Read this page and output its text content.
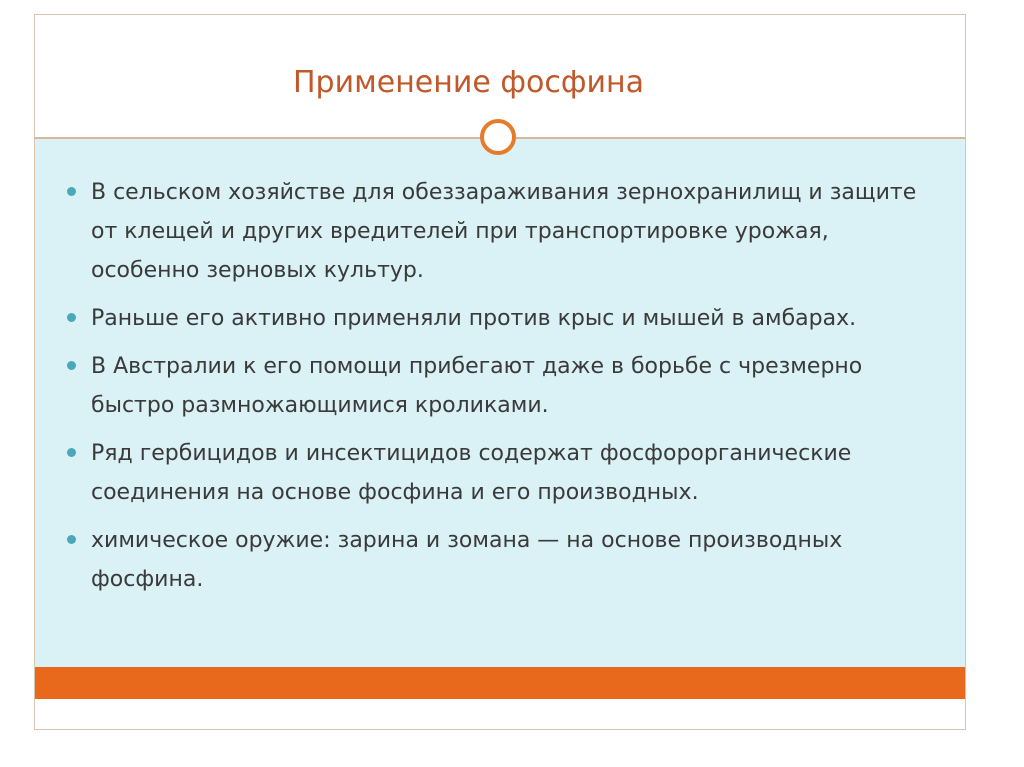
Применение фосфина
В сельском хозяйстве для обеззараживания зернохранилищ и защите от клещей и других вредителей при транспортировке урожая, особенно зерновых культур.
Раньше его активно применяли против крыс и мышей в амбарах.
В Австралии к его помощи прибегают даже в борьбе с чрезмерно быстро размножающимися кроликами.
Ряд гербицидов и инсектицидов содержат фосфорорганические соединения на основе фосфина и его производных.
химическое оружие: зарина и зомана — на основе производных фосфина.
